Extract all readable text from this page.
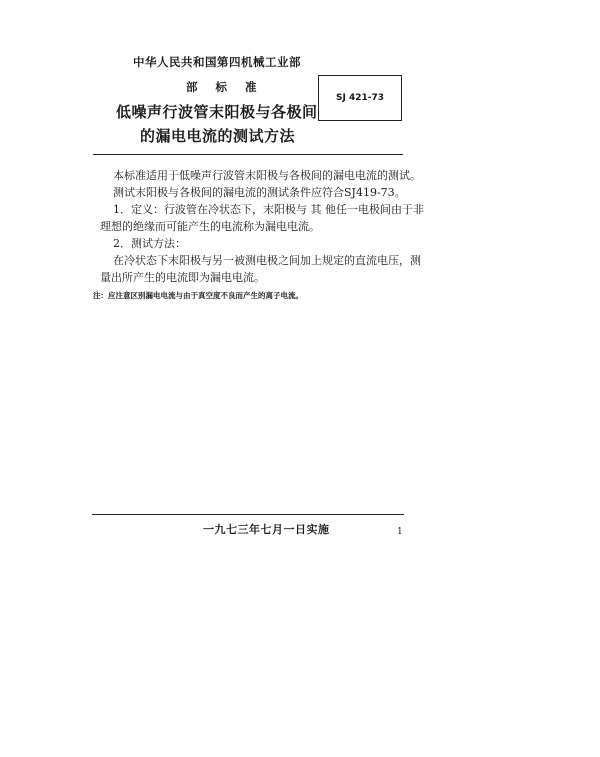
中华人民共和国第四机械工业部
部 标 准
SJ 421-73
低噪声行波管末阳极与各极间
的漏电电流的测试方法
本标准适用于低噪声行波管末阳极与各极间的漏电电流的测试。
测试末阳极与各极间的漏电流的测试条件应符合SJ419-73。
1．定义：行波管在冷状态下，末阳极与 其 他任一电极间由于非
理想的绝缘而可能产生的电流称为漏电电流。
2．测试方法：
在冷状态下末阳极与另一被测电极之间加上规定的直流电压，测
量出所产生的电流即为漏电电流。
注：应注意区别漏电电流与由于真空度不良而产生的离子电流。
一九七三年七月一日实施	1
